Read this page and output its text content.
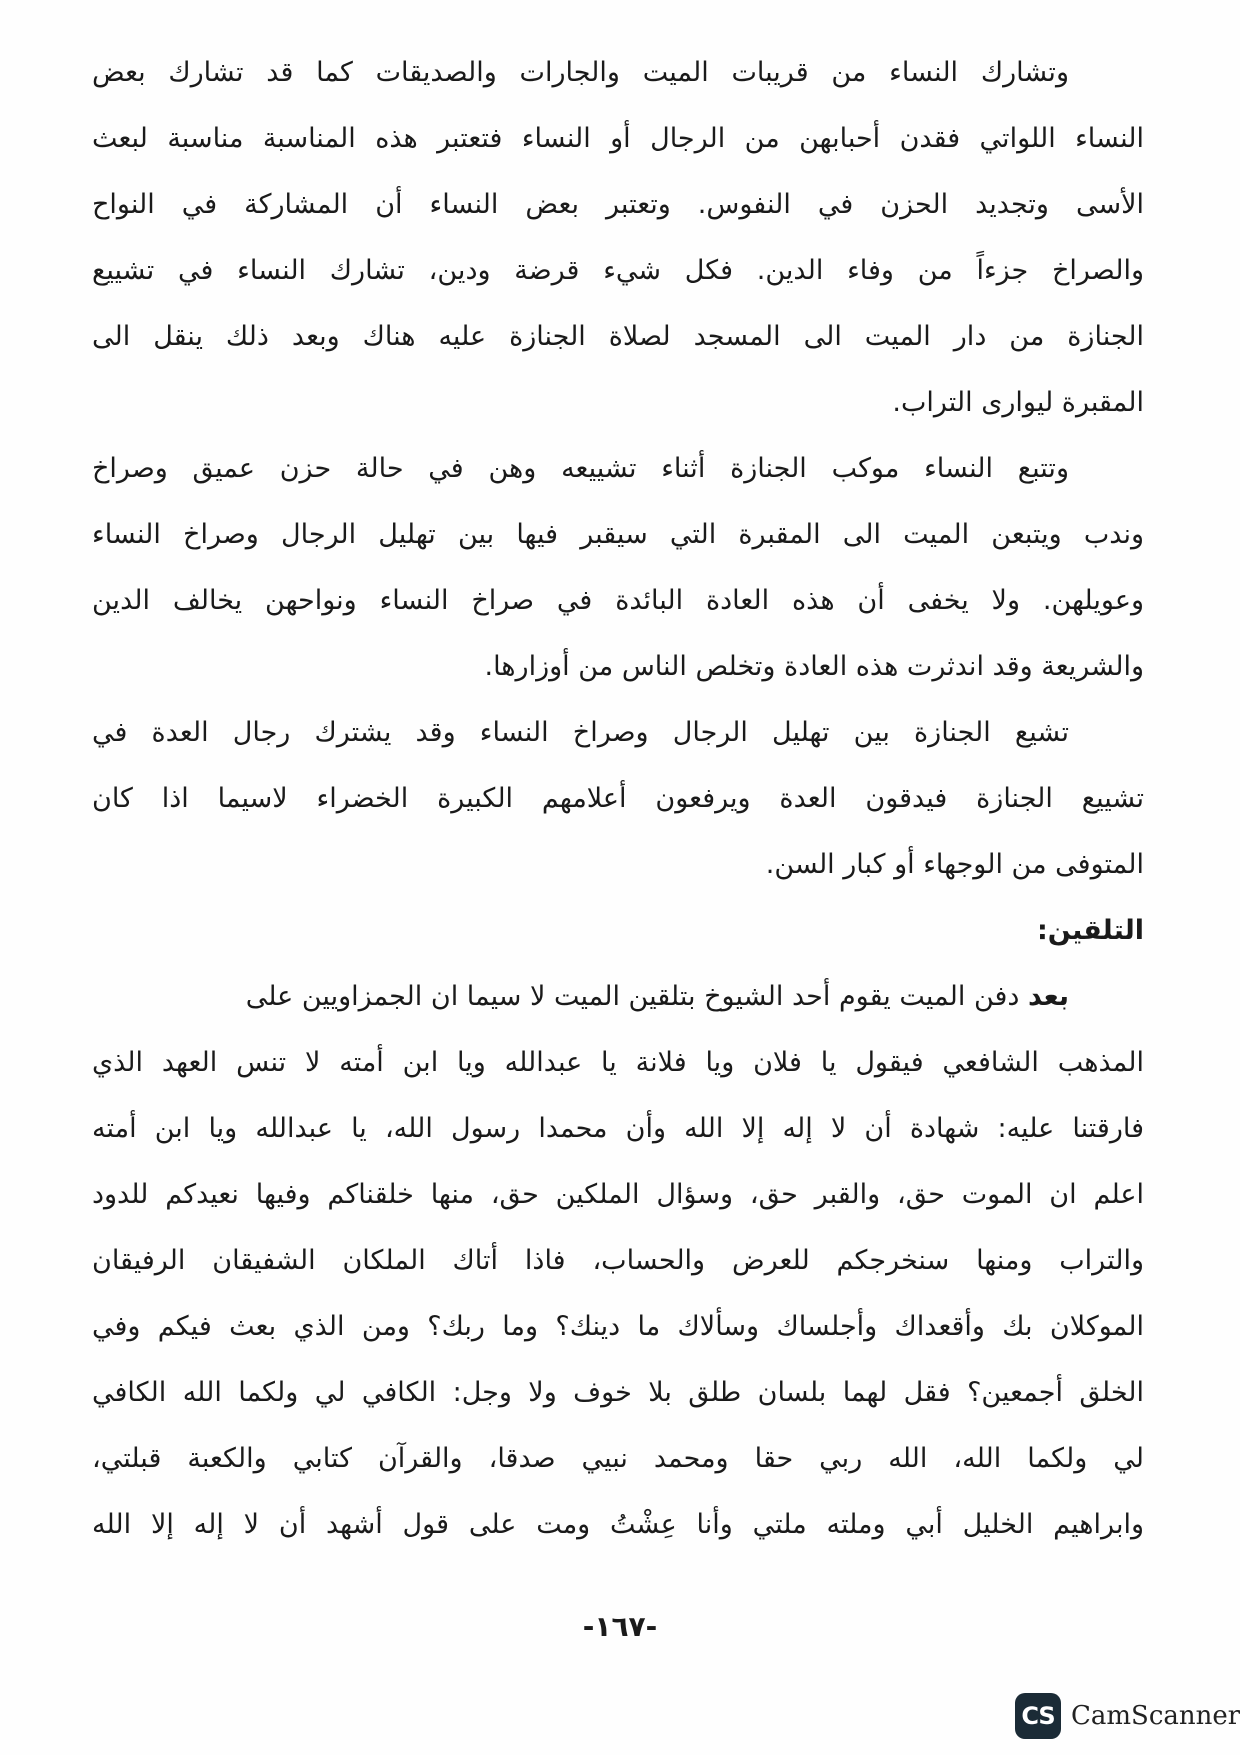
وتشارك النساء من قريبات الميت والجارات والصديقات كما قد تشارك بعض
النساء اللواتي فقدن أحبابهن من الرجال أو النساء فتعتبر هذه المناسبة مناسبة لبعث
الأسى وتجديد الحزن في النفوس. وتعتبر بعض النساء أن المشاركة في النواح
والصراخ جزءاً من وفاء الدين. فكل شيء قرضة ودين، تشارك النساء في تشييع
الجنازة من دار الميت الى المسجد لصلاة الجنازة عليه هناك وبعد ذلك ينقل الى
المقبرة ليوارى التراب.
وتتبع النساء موكب الجنازة أثناء تشييعه وهن في حالة حزن عميق وصراخ
وندب ويتبعن الميت الى المقبرة التي سيقبر فيها بين تهليل الرجال وصراخ النساء
وعويلهن. ولا يخفى أن هذه العادة البائدة في صراخ النساء ونواحهن يخالف الدين
والشريعة وقد اندثرت هذه العادة وتخلص الناس من أوزارها.
تشيع الجنازة بين تهليل الرجال وصراخ النساء وقد يشترك رجال العدة في
تشييع الجنازة فيدقون العدة ويرفعون أعلامهم الكبيرة الخضراء لاسيما اذا كان
المتوفى من الوجهاء أو كبار السن.
التلقين:
بعد دفن الميت يقوم أحد الشيوخ بتلقين الميت لا سيما ان الجمزاويين على
المذهب الشافعي فيقول يا فلان ويا فلانة يا عبدالله ويا ابن أمته لا تنس العهد الذي
فارقتنا عليه: شهادة أن لا إله إلا الله وأن محمدا رسول الله، يا عبدالله ويا ابن أمته
اعلم ان الموت حق، والقبر حق، وسؤال الملكين حق، منها خلقناكم وفيها نعيدكم للدود
والتراب ومنها سنخرجكم للعرض والحساب، فاذا أتاك الملكان الشفيقان الرفيقان
الموكلان بك وأقعداك وأجلساك وسألاك ما دينك؟ وما ربك؟ ومن الذي بعث فيكم وفي
الخلق أجمعين؟ فقل لهما بلسان طلق بلا خوف ولا وجل: الكافي لي ولكما الله الكافي
لي ولكما الله، الله ربي حقا ومحمد نبيي صدقا، والقرآن كتابي والكعبة قبلتي،
وابراهيم الخليل أبي وملته ملتي وأنا عِشْتُ ومت على قول أشهد أن لا إله إلا الله
-١٦٧-
CS CamScanner
